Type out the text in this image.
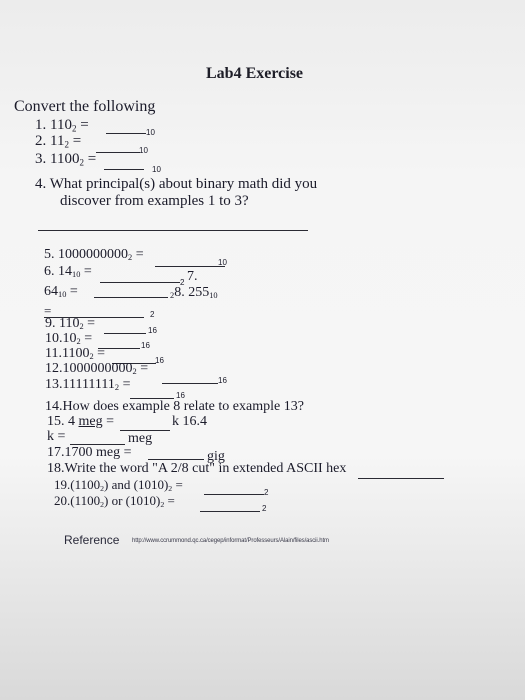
Lab4 Exercise
Convert the following
1. $110_2$ =	10
2. $11_2$ =
10
3. $1100_2$ =
10
4. What principal(s) about binary math did you
discover from examples 1 to 3?
5. $1000000000_2$ =
10
6. $14_{10}$ =
2 7.
$64_{10}$ =	$_2$8. $255_{10}$
=	2
9. $110_2$ =	16
$10.10_2$ =	16
$11.1100_2$ =	16
$12.1000000000_2$ =
16
$13.11111111_2$ =
16
14.How does example 8 relate to example 13?
15. 4 meg =	k 16.4
k =	meg
17.1700 meg =	gig
18.Write the word "A 2/8 cut" in extended ASCII hex
$19.(1100_2)$ and $(1010)_2$ =
2
$20.(1100_2)$ or $(1010)_2$ =
2
Reference http://www.ccrummond.qc.ca/cegep/informat/Professeurs/Alain/files/ascii.htm
